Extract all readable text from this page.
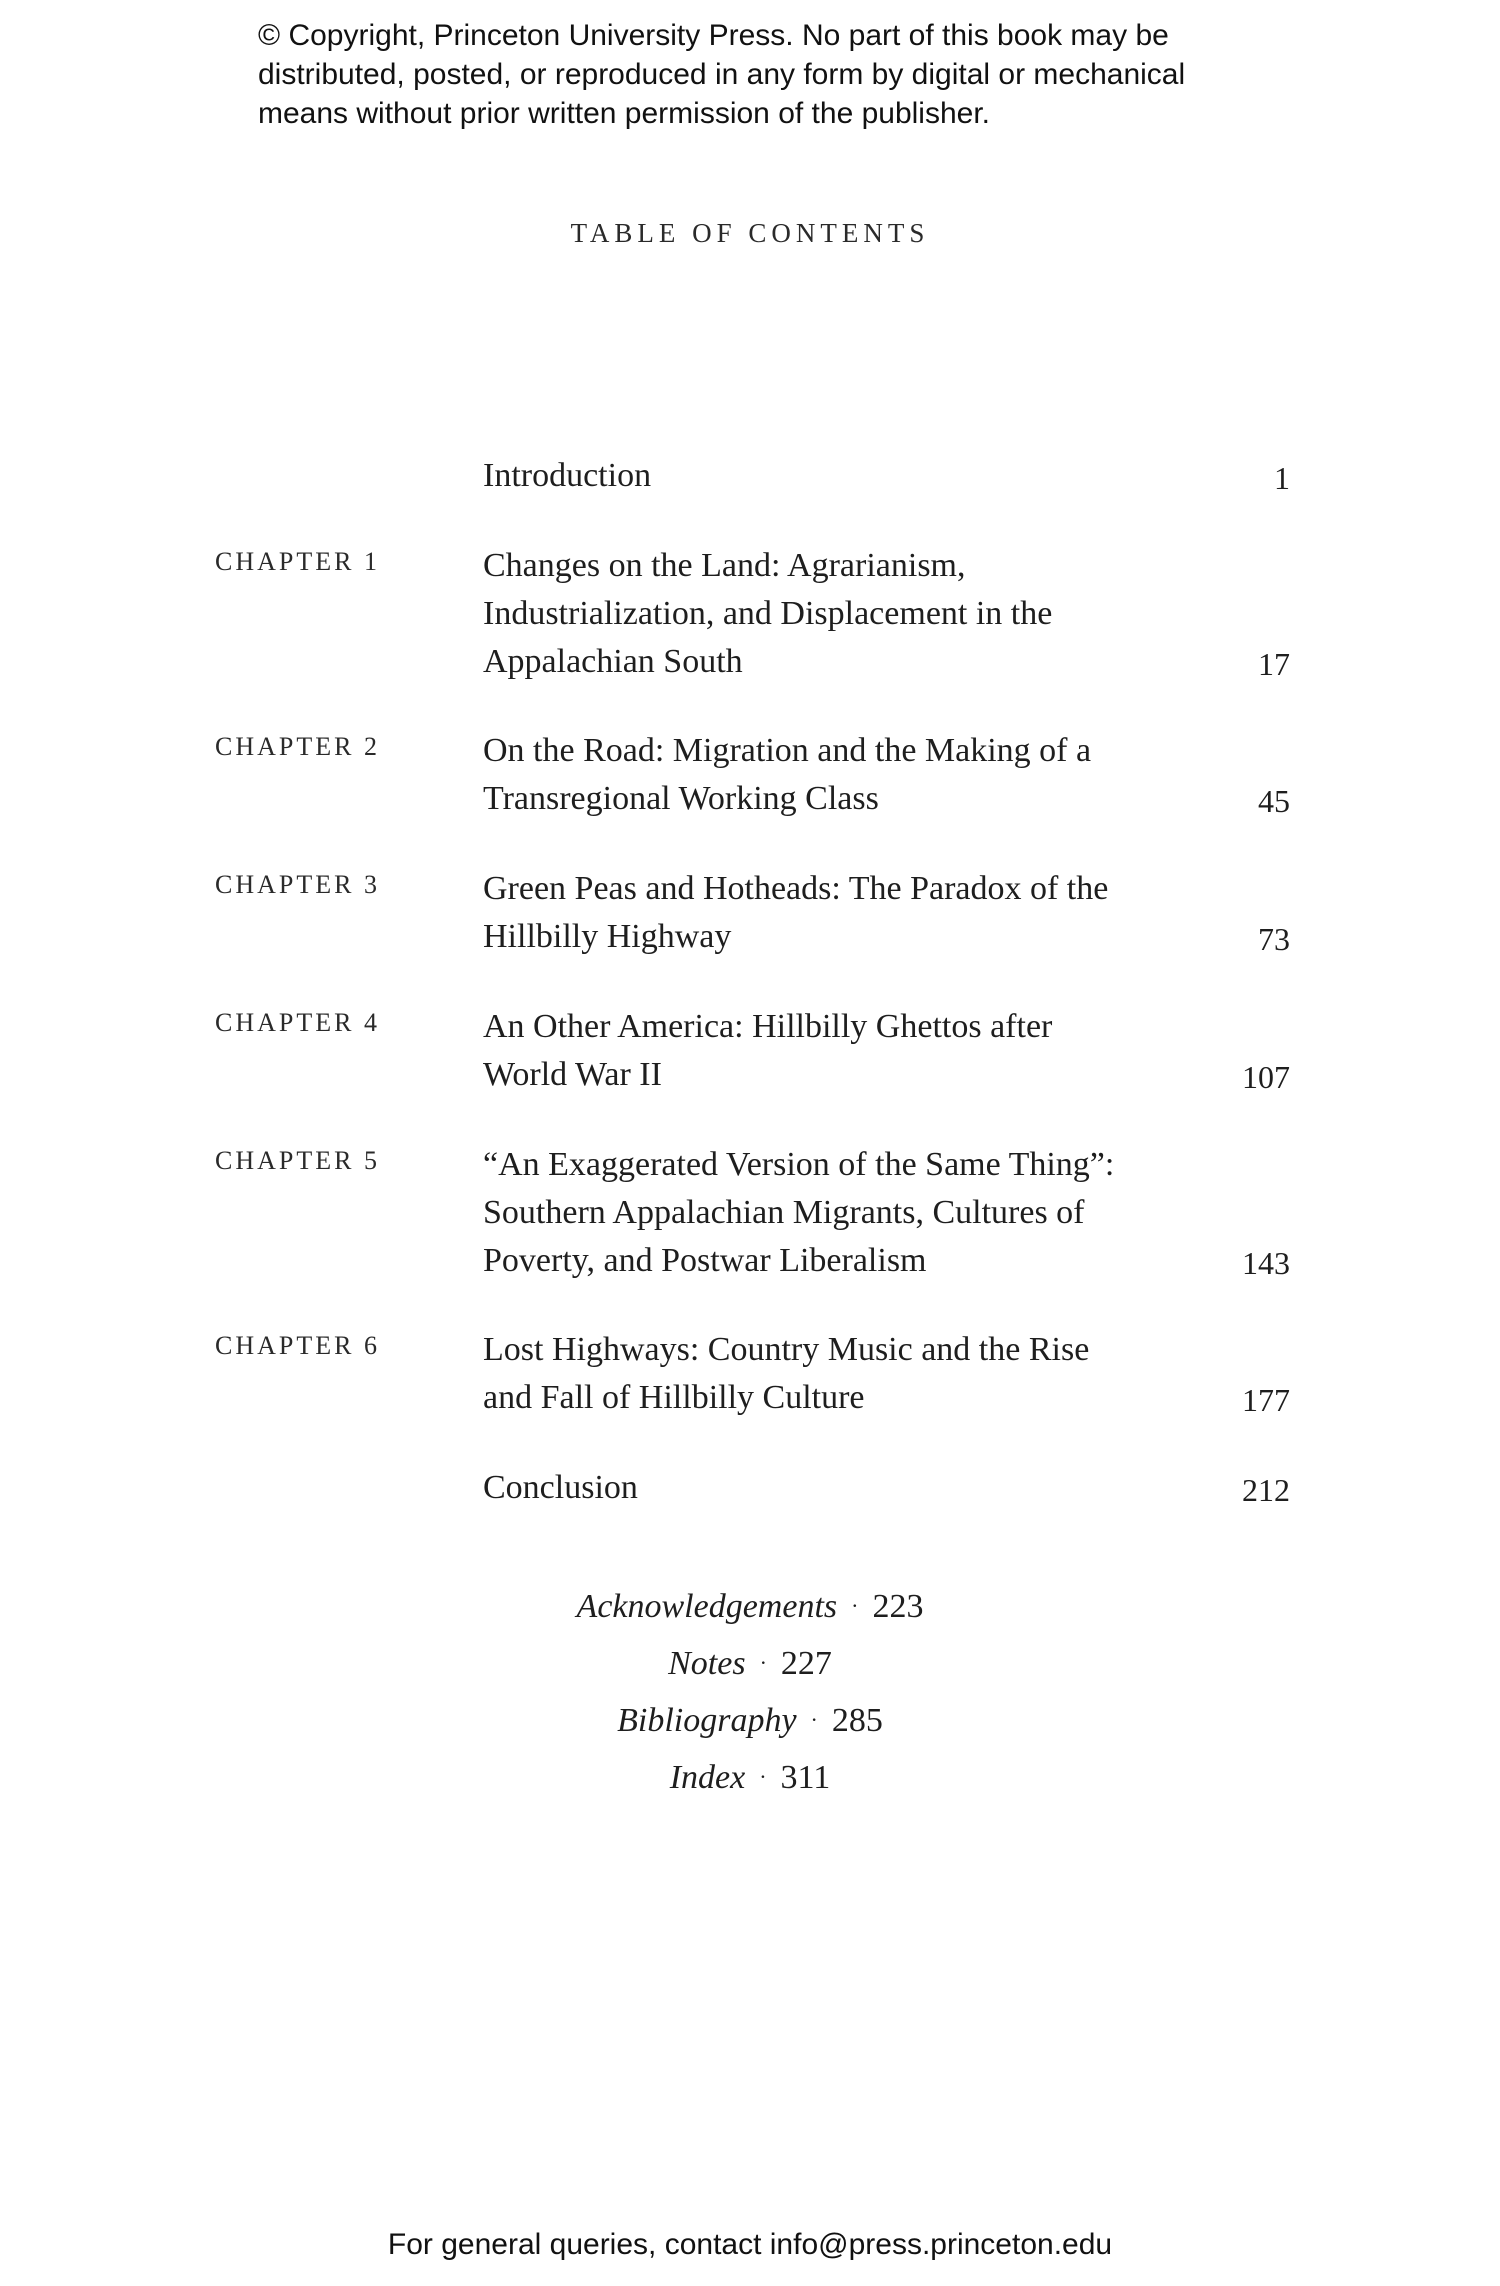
© Copyright, Princeton University Press. No part of this book may be
distributed, posted, or reproduced in any form by digital or mechanical
means without prior written permission of the publisher.
TABLE OF CONTENTS
Introduction	1
CHAPTER 1	Changes on the Land: Agrarianism,
Industrialization, and Displacement in the
Appalachian South	17
CHAPTER 2	On the Road: Migration and the Making of a
Transregional Working Class	45
CHAPTER 3	Green Peas and Hotheads: The Paradox of the
Hillbilly Highway	73
CHAPTER 4	An Other America: Hillbilly Ghettos after
World War II	107
CHAPTER 5	“An Exaggerated Version of the Same Thing”:
Southern Appalachian Migrants, Cultures of
Poverty, and Postwar Liberalism	143
CHAPTER 6	Lost Highways: Country Music and the Rise
and Fall of Hillbilly Culture	177
Conclusion	212
Acknowledgements · 223
Notes · 227
Bibliography · 285
Index · 311
For general queries, contact info@press.princeton.edu
